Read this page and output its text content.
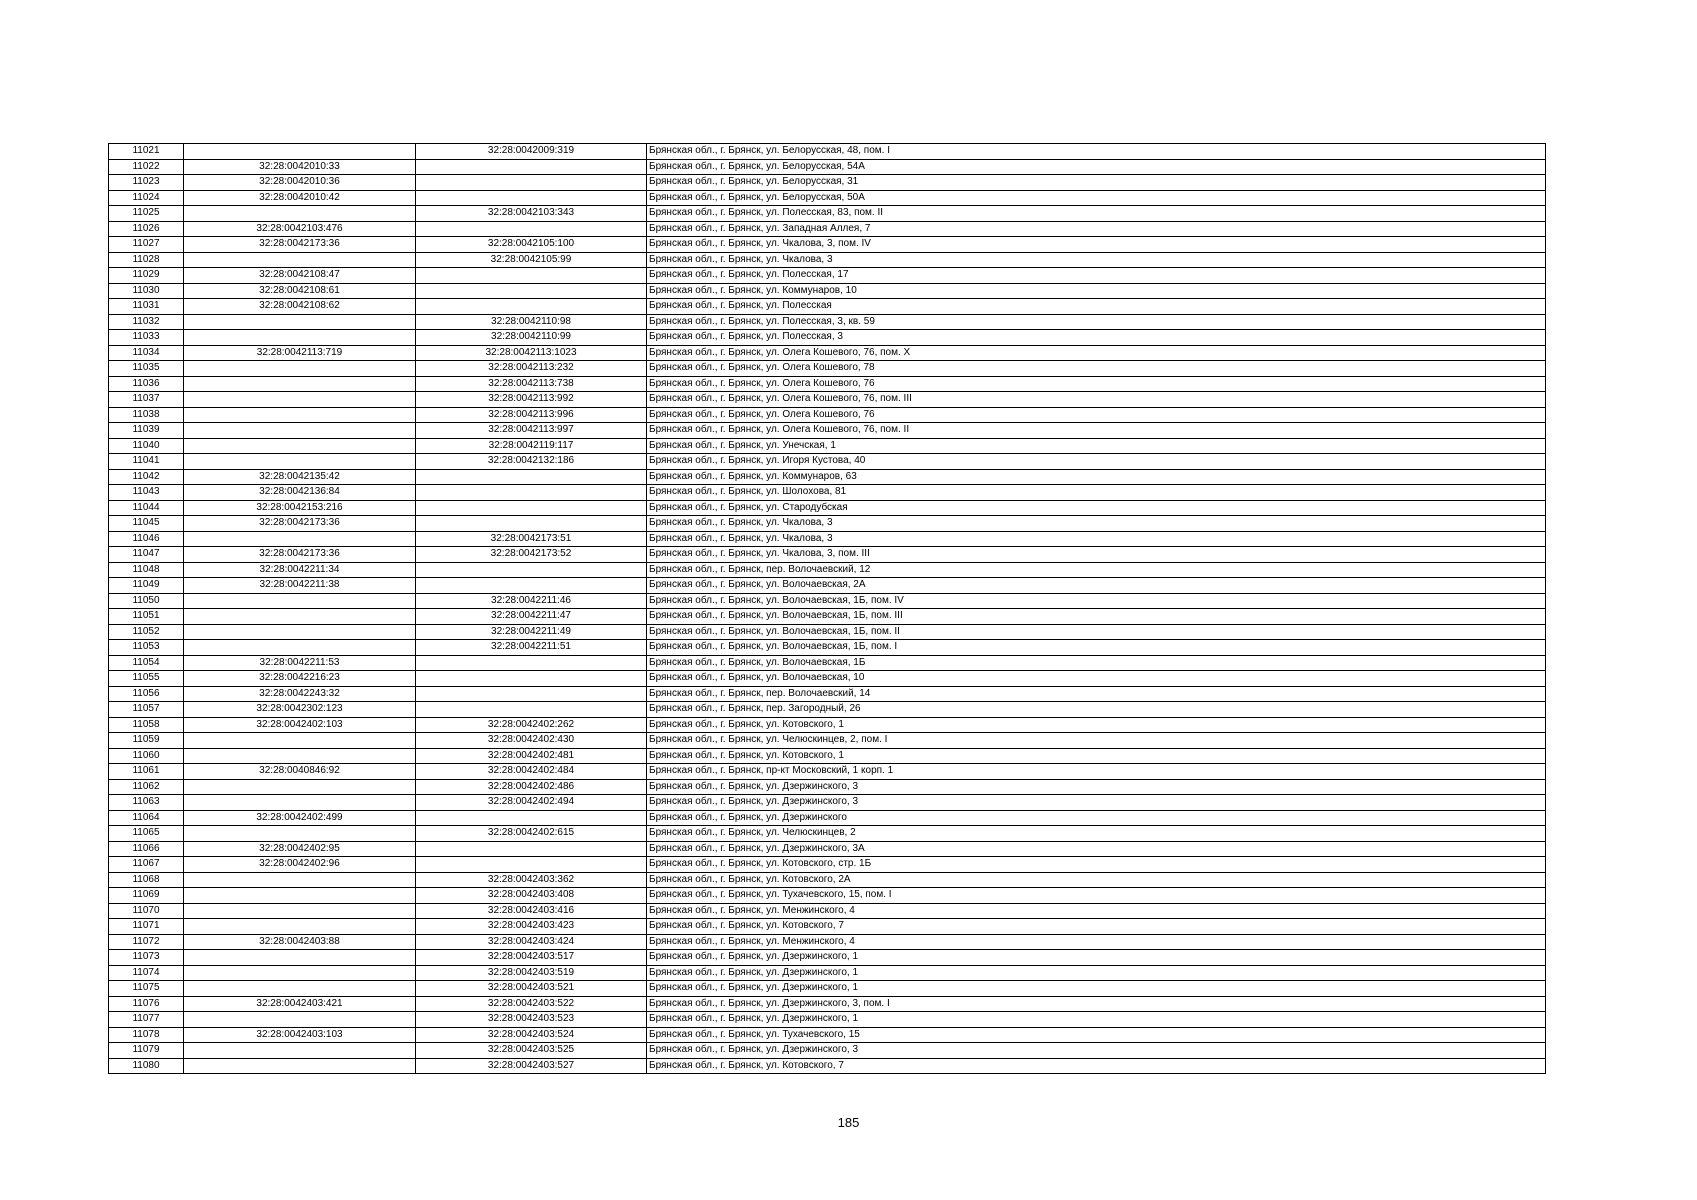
11021		32:28:0042009:319	Брянская обл., г. Брянск, ул. Белорусская, 48, пом. I
11022	32:28:0042010:33		Брянская обл., г. Брянск, ул. Белорусская, 54А
11023	32:28:0042010:36		Брянская обл., г. Брянск, ул. Белорусская, 31
11024	32:28:0042010:42		Брянская обл., г. Брянск, ул. Белорусская, 50А
11025		32:28:0042103:343	Брянская обл., г. Брянск, ул. Полесская, 83, пом. II
11026	32:28:0042103:476		Брянская обл., г. Брянск, ул. Западная Аллея, 7
11027	32:28:0042173:36	32:28:0042105:100	Брянская обл., г. Брянск, ул. Чкалова, 3, пом. IV
11028		32:28:0042105:99	Брянская обл., г. Брянск, ул. Чкалова, 3
11029	32:28:0042108:47		Брянская обл., г. Брянск, ул. Полесская, 17
11030	32:28:0042108:61		Брянская обл., г. Брянск, ул. Коммунаров, 10
11031	32:28:0042108:62		Брянская обл., г. Брянск, ул. Полесская
11032		32:28:0042110:98	Брянская обл., г. Брянск, ул. Полесская, 3, кв. 59
11033		32:28:0042110:99	Брянская обл., г. Брянск, ул. Полесская, 3
11034	32:28:0042113:719	32:28:0042113:1023	Брянская обл., г. Брянск, ул. Олега Кошевого, 76, пом. X
11035		32:28:0042113:232	Брянская обл., г. Брянск, ул. Олега Кошевого, 78
11036		32:28:0042113:738	Брянская обл., г. Брянск, ул. Олега Кошевого, 76
11037		32:28:0042113:992	Брянская обл., г. Брянск, ул. Олега Кошевого, 76, пом. III
11038		32:28:0042113:996	Брянская обл., г. Брянск, ул. Олега Кошевого, 76
11039		32:28:0042113:997	Брянская обл., г. Брянск, ул. Олега Кошевого, 76, пом. II
11040		32:28:0042119:117	Брянская обл., г. Брянск, ул. Унечская, 1
11041		32:28:0042132:186	Брянская обл., г. Брянск, ул. Игоря Кустова, 40
11042	32:28:0042135:42		Брянская обл., г. Брянск, ул. Коммунаров, 63
11043	32:28:0042136:84		Брянская обл., г. Брянск, ул. Шолохова, 81
11044	32:28:0042153:216		Брянская обл., г. Брянск, ул. Стародубская
11045	32:28:0042173:36		Брянская обл., г. Брянск, ул. Чкалова, 3
11046		32:28:0042173:51	Брянская обл., г. Брянск, ул. Чкалова, 3
11047	32:28:0042173:36	32:28:0042173:52	Брянская обл., г. Брянск, ул. Чкалова, 3, пом. III
11048	32:28:0042211:34		Брянская обл., г. Брянск, пер. Волочаевский, 12
11049	32:28:0042211:38		Брянская обл., г. Брянск, ул. Волочаевская, 2А
11050		32:28:0042211:46	Брянская обл., г. Брянск, ул. Волочаевская, 1Б, пом. IV
11051		32:28:0042211:47	Брянская обл., г. Брянск, ул. Волочаевская, 1Б, пом. III
11052		32:28:0042211:49	Брянская обл., г. Брянск, ул. Волочаевская, 1Б, пом. II
11053		32:28:0042211:51	Брянская обл., г. Брянск, ул. Волочаевская, 1Б, пом. I
11054	32:28:0042211:53		Брянская обл., г. Брянск, ул. Волочаевская, 1Б
11055	32:28:0042216:23		Брянская обл., г. Брянск, ул. Волочаевская, 10
11056	32:28:0042243:32		Брянская обл., г. Брянск, пер. Волочаевский, 14
11057	32:28:0042302:123		Брянская обл., г. Брянск, пер. Загородный, 26
11058	32:28:0042402:103	32:28:0042402:262	Брянская обл., г. Брянск, ул. Котовского, 1
11059		32:28:0042402:430	Брянская обл., г. Брянск, ул. Челюскинцев, 2, пом. I
11060		32:28:0042402:481	Брянская обл., г. Брянск, ул. Котовского, 1
11061	32:28:0040846:92	32:28:0042402:484	Брянская обл., г. Брянск, пр-кт Московский, 1 корп. 1
11062		32:28:0042402:486	Брянская обл., г. Брянск, ул. Дзержинского, 3
11063		32:28:0042402:494	Брянская обл., г. Брянск, ул. Дзержинского, 3
11064	32:28:0042402:499		Брянская обл., г. Брянск, ул. Дзержинского
11065		32:28:0042402:615	Брянская обл., г. Брянск, ул. Челюскинцев, 2
11066	32:28:0042402:95		Брянская обл., г. Брянск, ул. Дзержинского, 3А
11067	32:28:0042402:96		Брянская обл., г. Брянск, ул. Котовского, стр. 1Б
11068		32:28:0042403:362	Брянская обл., г. Брянск, ул. Котовского, 2А
11069		32:28:0042403:408	Брянская обл., г. Брянск, ул. Тухачевского, 15, пом. I
11070		32:28:0042403:416	Брянская обл., г. Брянск, ул. Менжинского, 4
11071		32:28:0042403:423	Брянская обл., г. Брянск, ул. Котовского, 7
11072	32:28:0042403:88	32:28:0042403:424	Брянская обл., г. Брянск, ул. Менжинского, 4
11073		32:28:0042403:517	Брянская обл., г. Брянск, ул. Дзержинского, 1
11074		32:28:0042403:519	Брянская обл., г. Брянск, ул. Дзержинского, 1
11075		32:28:0042403:521	Брянская обл., г. Брянск, ул. Дзержинского, 1
11076	32:28:0042403:421	32:28:0042403:522	Брянская обл., г. Брянск, ул. Дзержинского, 3, пом. I
11077		32:28:0042403:523	Брянская обл., г. Брянск, ул. Дзержинского, 1
11078	32:28:0042403:103	32:28:0042403:524	Брянская обл., г. Брянск, ул. Тухачевского, 15
11079		32:28:0042403:525	Брянская обл., г. Брянск, ул. Дзержинского, 3
11080		32:28:0042403:527	Брянская обл., г. Брянск, ул. Котовского, 7
185
